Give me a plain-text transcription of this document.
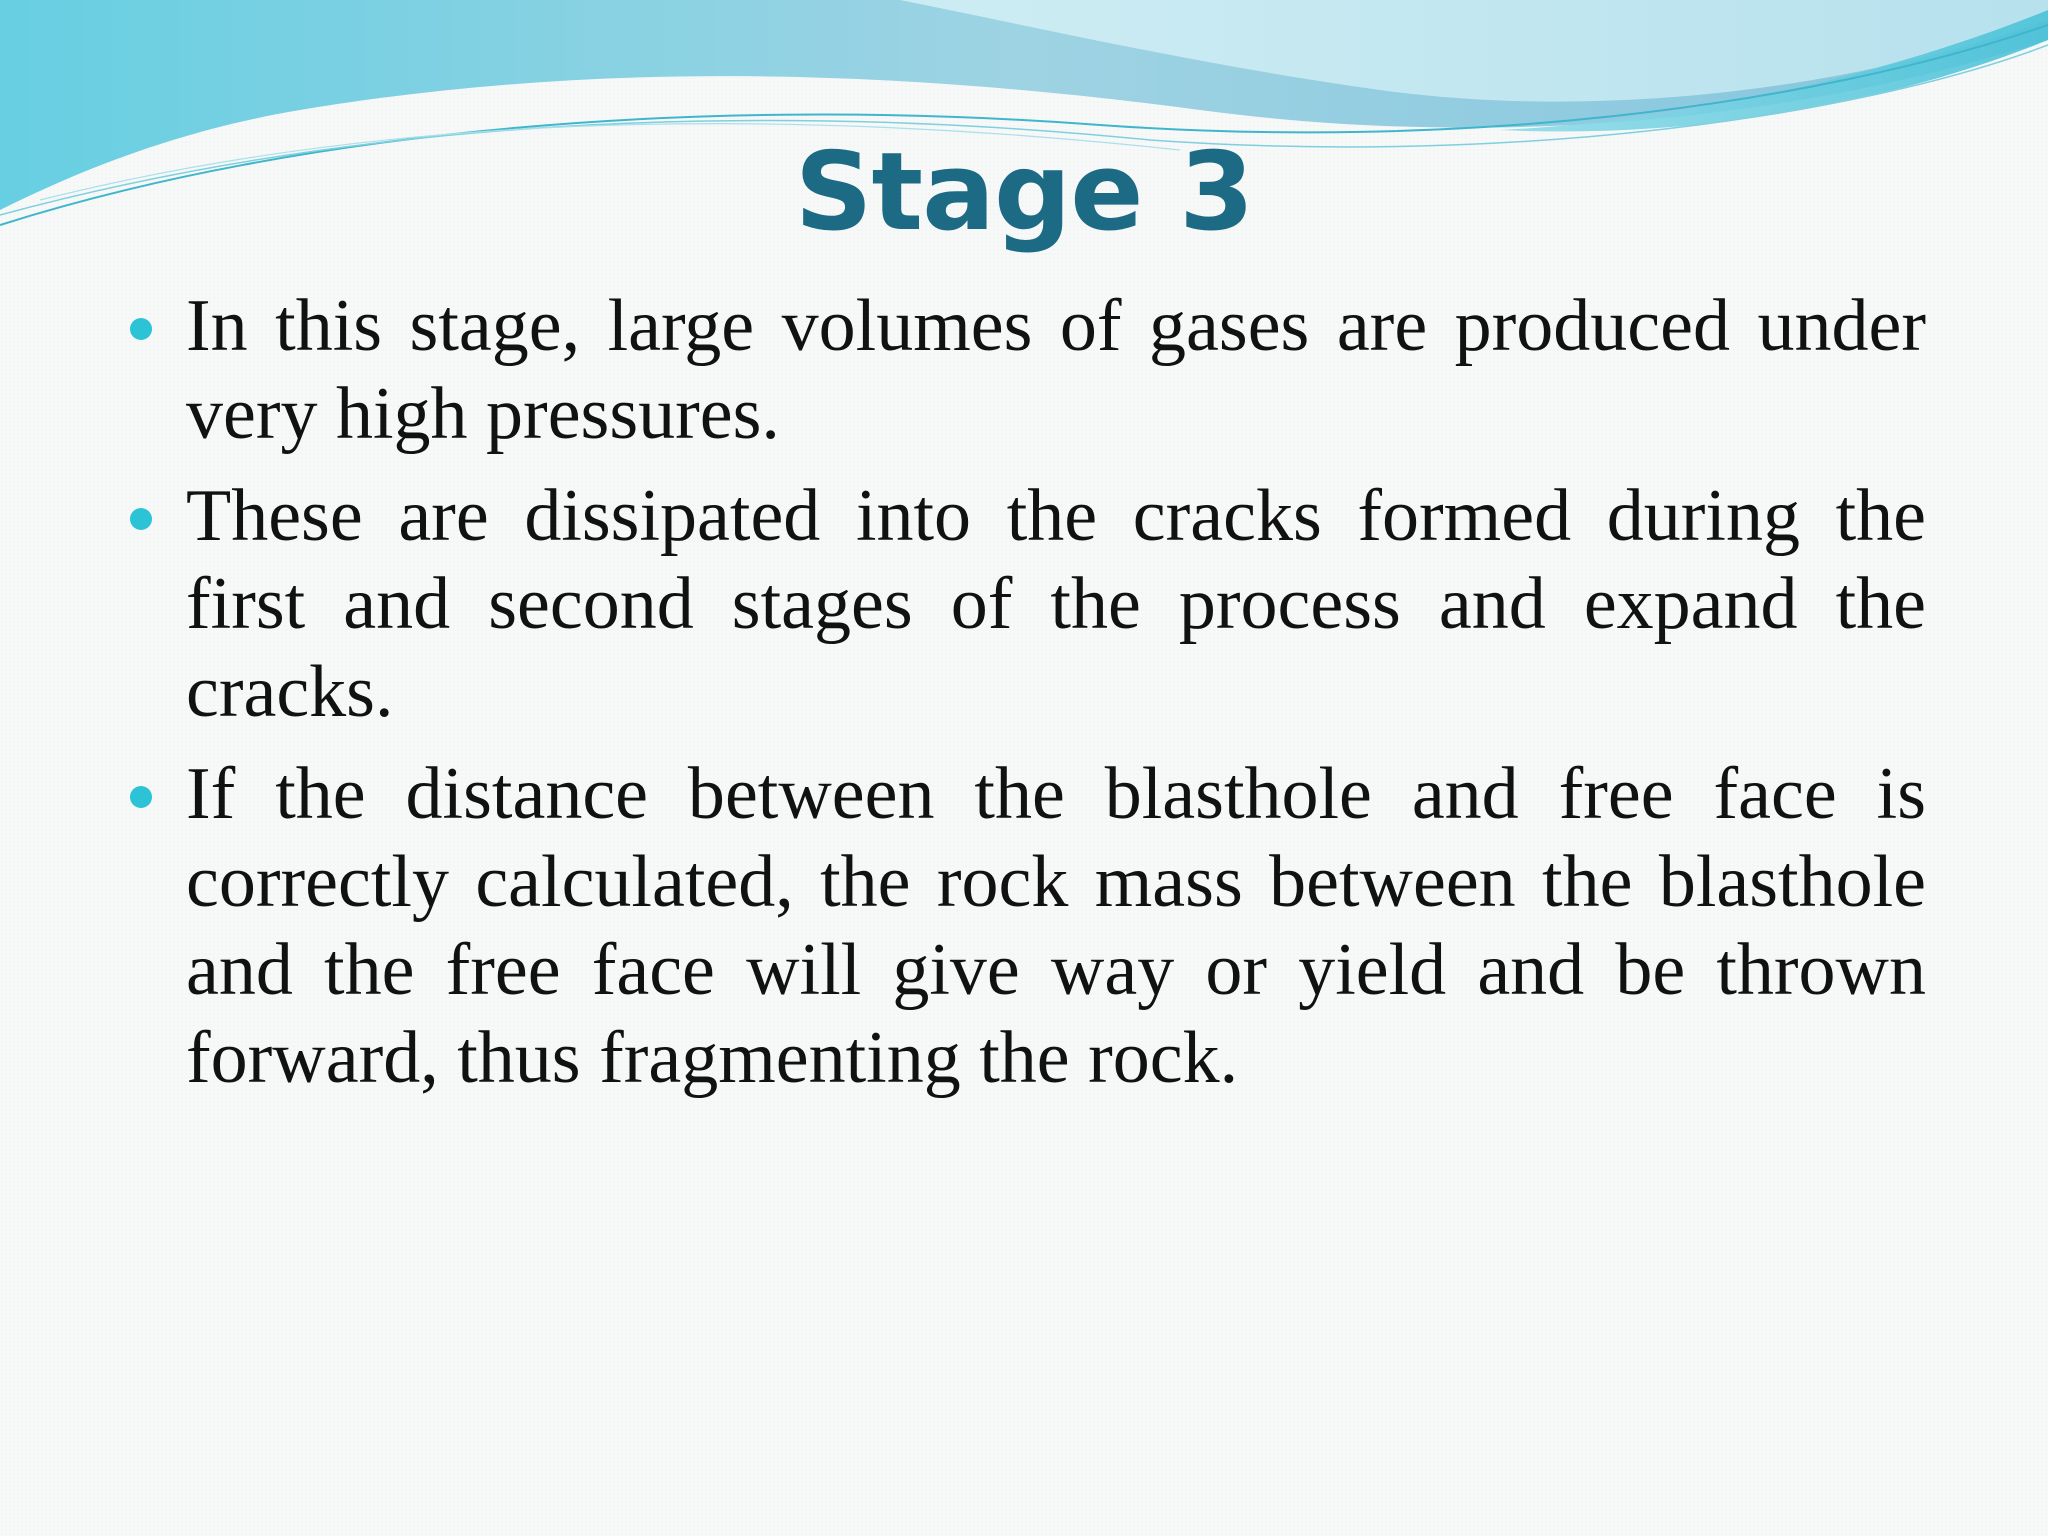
Stage 3
In this stage, large volumes of gases are produced under very high pressures.
These are dissipated into the cracks formed during the first and second stages of the process and expand the cracks.
If the distance between the blasthole and free face is correctly calculated, the rock mass between the blasthole and the free face will give way or yield and be thrown forward, thus fragmenting the rock.
